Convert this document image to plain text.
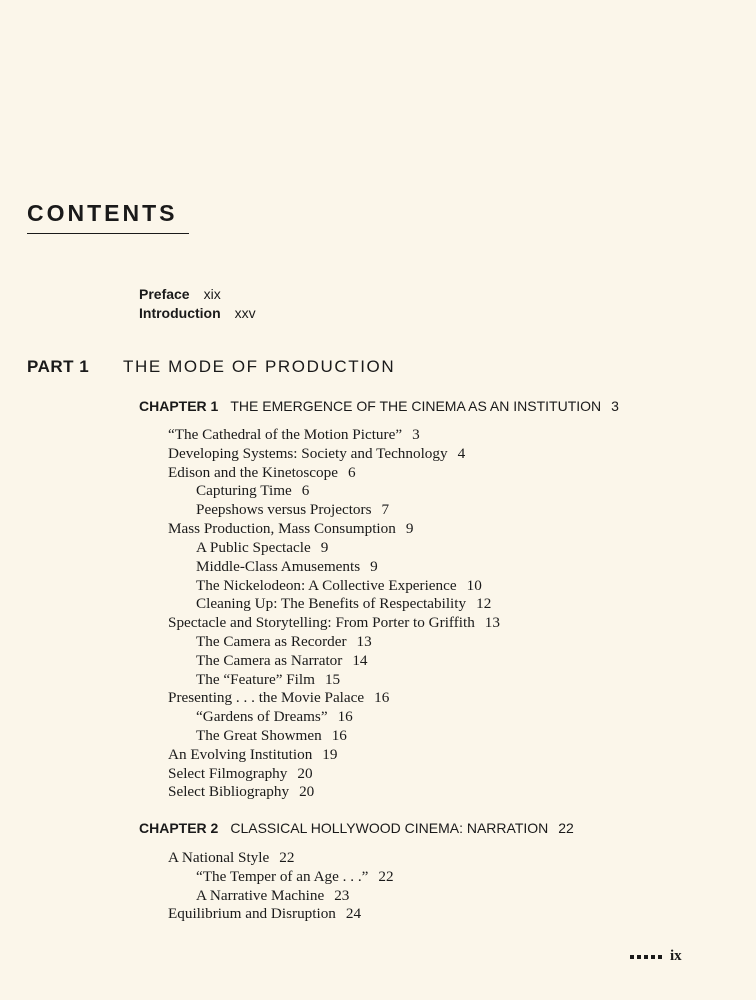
CONTENTS
Preface xix
Introduction xxv
PART 1 THE MODE OF PRODUCTION
CHAPTER 1 THE EMERGENCE OF THE CINEMA AS AN INSTITUTION 3
“The Cathedral of the Motion Picture” 3
Developing Systems: Society and Technology 4
Edison and the Kinetoscope 6
Capturing Time 6
Peepshows versus Projectors 7
Mass Production, Mass Consumption 9
A Public Spectacle 9
Middle-Class Amusements 9
The Nickelodeon: A Collective Experience 10
Cleaning Up: The Benefits of Respectability 12
Spectacle and Storytelling: From Porter to Griffith 13
The Camera as Recorder 13
The Camera as Narrator 14
The “Feature” Film 15
Presenting . . . the Movie Palace 16
“Gardens of Dreams” 16
The Great Showmen 16
An Evolving Institution 19
Select Filmography 20
Select Bibliography 20
CHAPTER 2 CLASSICAL HOLLYWOOD CINEMA: NARRATION 22
A National Style 22
“The Temper of an Age . . .” 22
A Narrative Machine 23
Equilibrium and Disruption 24
ix
